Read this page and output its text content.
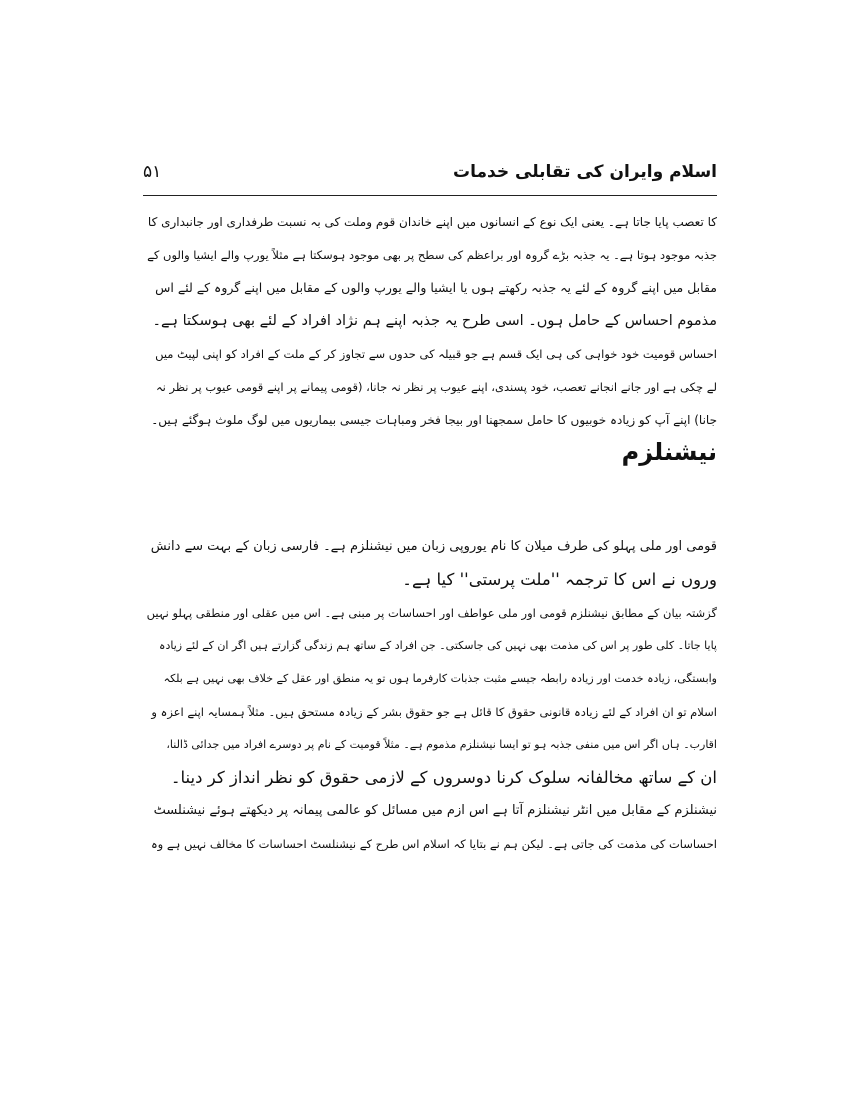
اسلام وایران کی تقابلی خدمات
۵۱
کا تعصب پایا جاتا ہے۔ یعنی ایک نوع کے انسانوں میں اپنے خاندان قوم وملت کی بہ نسبت طرفداری اور جانبداری کا
جذبہ موجود ہوتا ہے۔ یہ جذبہ بڑے گروہ اور براعظم کی سطح پر بھی موجود ہوسکتا ہے مثلاً یورپ والے ایشیا والوں کے
مقابل میں اپنے گروہ کے لئے یہ جذبہ رکھتے ہوں یا ایشیا والے یورپ والوں کے مقابل میں اپنے گروہ کے لئے اس
مذموم احساس کے حامل ہوں۔ اسی طرح یہ جذبہ اپنے ہم نژاد افراد کے لئے بھی ہوسکتا ہے۔
احساس قومیت خود خواہی کی ہی ایک قسم ہے جو قبیلہ کی حدوں سے تجاوز کر کے ملت کے افراد کو اپنی لپیٹ میں
لے چکی ہے اور جانے انجانے تعصب، خود پسندی، اپنے عیوب پر نظر نہ جانا، (قومی پیمانے پر اپنے قومی عیوب پر نظر نہ
جانا) اپنے آپ کو زیادہ خوبیوں کا حامل سمجھنا اور بیجا فخر ومباہات جیسی بیماریوں میں لوگ ملوث ہوگئے ہیں۔
نیشنلزم
قومی اور ملی پہلو کی طرف میلان کا نام یوروپی زبان میں نیشنلزم ہے۔ فارسی زبان کے بہت سے دانش
وروں نے اس کا ترجمہ ''ملت پرستی'' کیا ہے۔
گزشتہ بیان کے مطابق نیشنلزم قومی اور ملی عواطف اور احساسات پر مبنی ہے۔ اس میں عقلی اور منطقی پہلو نہیں
پایا جاتا۔ کلی طور پر اس کی مذمت بھی نہیں کی جاسکتی۔ جن افراد کے ساتھ ہم زندگی گزارتے ہیں اگر ان کے لئے زیادہ
وابستگی، زیادہ خدمت اور زیادہ رابطہ جیسے مثبت جذبات کارفرما ہوں تو یہ منطق اور عقل کے خلاف بھی نہیں ہے بلکہ
اسلام تو ان افراد کے لئے زیادہ قانونی حقوق کا قائل ہے جو حقوق بشر کے زیادہ مستحق ہیں۔ مثلاً ہمسایہ اپنے اعزہ و
اقارب۔ ہاں اگر اس میں منفی جذبہ ہو تو ایسا نیشنلزم مذموم ہے۔ مثلاً قومیت کے نام پر دوسرے افراد میں جدائی ڈالنا،
ان کے ساتھ مخالفانہ سلوک کرنا دوسروں کے لازمی حقوق کو نظر انداز کر دینا۔
نیشنلزم کے مقابل میں انٹر نیشنلزم آتا ہے اس ازم میں مسائل کو عالمی پیمانہ پر دیکھتے ہوئے نیشنلسٹ
احساسات کی مذمت کی جاتی ہے۔ لیکن ہم نے بتایا کہ اسلام اس طرح کے نیشنلسٹ احساسات کا مخالف نہیں ہے وہ
